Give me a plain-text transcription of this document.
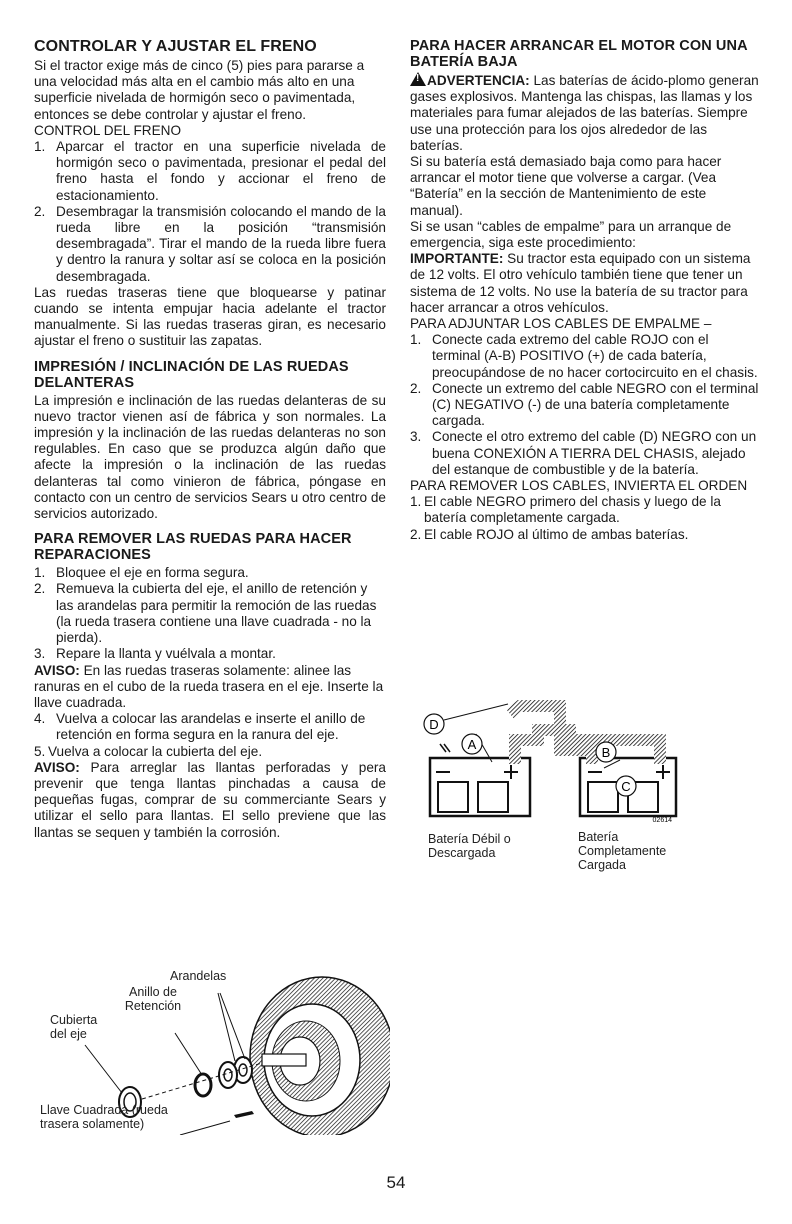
CONTROLAR Y AJUSTAR EL FRENO

Si el tractor exige más de cinco (5) pies para pararse a una velocidad más alta en el cambio más alto en una superficie nivelada de hormigón seco o pavimentada, entonces se debe controlar y ajustar el freno.

CONTROL DEL FRENO

1. Aparcar el tractor en una superficie nivelada de hormigón seco o pavimentada, presionar el pedal del freno hasta el fondo y accionar el freno de estacionamiento.
2. Desembragar la transmisión colocando el mando de la rueda libre en la posición “transmisión desembragada”. Tirar el mando de la rueda libre fuera y dentro la ranura y soltar así se coloca en la posición desembragada.

Las ruedas traseras tiene que bloquearse y patinar cuando se intenta empujar hacia adelante el tractor manualmente. Si las ruedas traseras giran, es necesario ajustar el freno o sustituir las zapatas.

IMPRESIÓN / INCLINACIÓN DE LAS RUEDAS DELANTERAS

La impresión e inclinación de las ruedas delanteras de su nuevo tractor vienen así de fábrica y son normales. La impresión y la inclinación de las ruedas delanteras no son regulables. En caso que se produzca algún daño que afecte la impresión o la inclinación de las ruedas delanteras tal como vinieron de fábrica, póngase en contacto con un centro de servicios Sears u otro centro de servicios autorizado.

PARA REMOVER LAS RUEDAS PARA HACER REPARACIONES
1. Bloquee el eje en forma segura.
2. Remueva la cubierta del eje, el anillo de retención y las arandelas para permitir la remoción de las ruedas (la rueda trasera contiene una llave cuadrada - no la pierda).
3. Repare la llanta y vuélvala a montar.

AVISO: En las ruedas traseras solamente: alinee las ranuras en el cubo de la rueda trasera en el eje. Inserte la llave cuadrada.

4. Vuelva a colocar las arandelas e inserte el anillo de retención en forma segura en la ranura del eje.
5. Vuelva a colocar la cubierta del eje.

AVISO: Para arreglar las llantas perforadas y pera prevenir que tenga llantas pinchadas a causa de pequeñas fugas, comprar de su commerciante Sears y utilizar el sello para llantas. El sello previene que las llantas se sequen y también la corrosión.

Arandelas
Anillo de Retención
Cubierta del eje
Llave Cuadrada (rueda trasera solamente)
PARA HACER ARRANCAR EL MOTOR CON UNA BATERÍA BAJA

!ADVERTENCIA: Las baterías de ácido-plomo generan gases explosivos. Mantenga las chispas, las llamas y los materiales para fumar alejados de las baterías. Siempre use una protección para los ojos alrededor de las baterías.

Si su batería está demasiado baja como para hacer arrancar el motor tiene que volverse a cargar. (Vea “Batería” en la sección de Mantenimiento de este manual).

Si se usan “cables de empalme” para un arranque de emergencia, siga este procedimiento:

IMPORTANTE: Su tractor esta equipado con un sistema de 12 volts. El otro vehículo también tiene que tener un sistema de 12 volts. No use la batería de su tractor para hacer arrancar a otros vehículos.

PARA ADJUNTAR LOS CABLES DE EMPALME –

1. Conecte cada extremo del cable ROJO con el terminal (A-B) POSITIVO (+) de cada batería, preocupándose de no hacer cortocircuito en el chasis.
2. Conecte un extremo del cable NEGRO con el terminal (C) NEGATIVO (-) de una batería completamente cargada.
3. Conecte el otro extremo del cable (D) NEGRO con un buena CONEXIÓN A TIERRA DEL CHASIS, alejado del estanque de combustible y de la batería.

PARA REMOVER LOS CABLES, INVIERTA EL ORDEN

1. El cable NEGRO primero del chasis y luego de la batería completamente cargada.
2. El cable ROJO al último de ambas baterías.
D
A
B
C
02614
Batería Débil o Descargada
Batería Completamente Cargada
54
